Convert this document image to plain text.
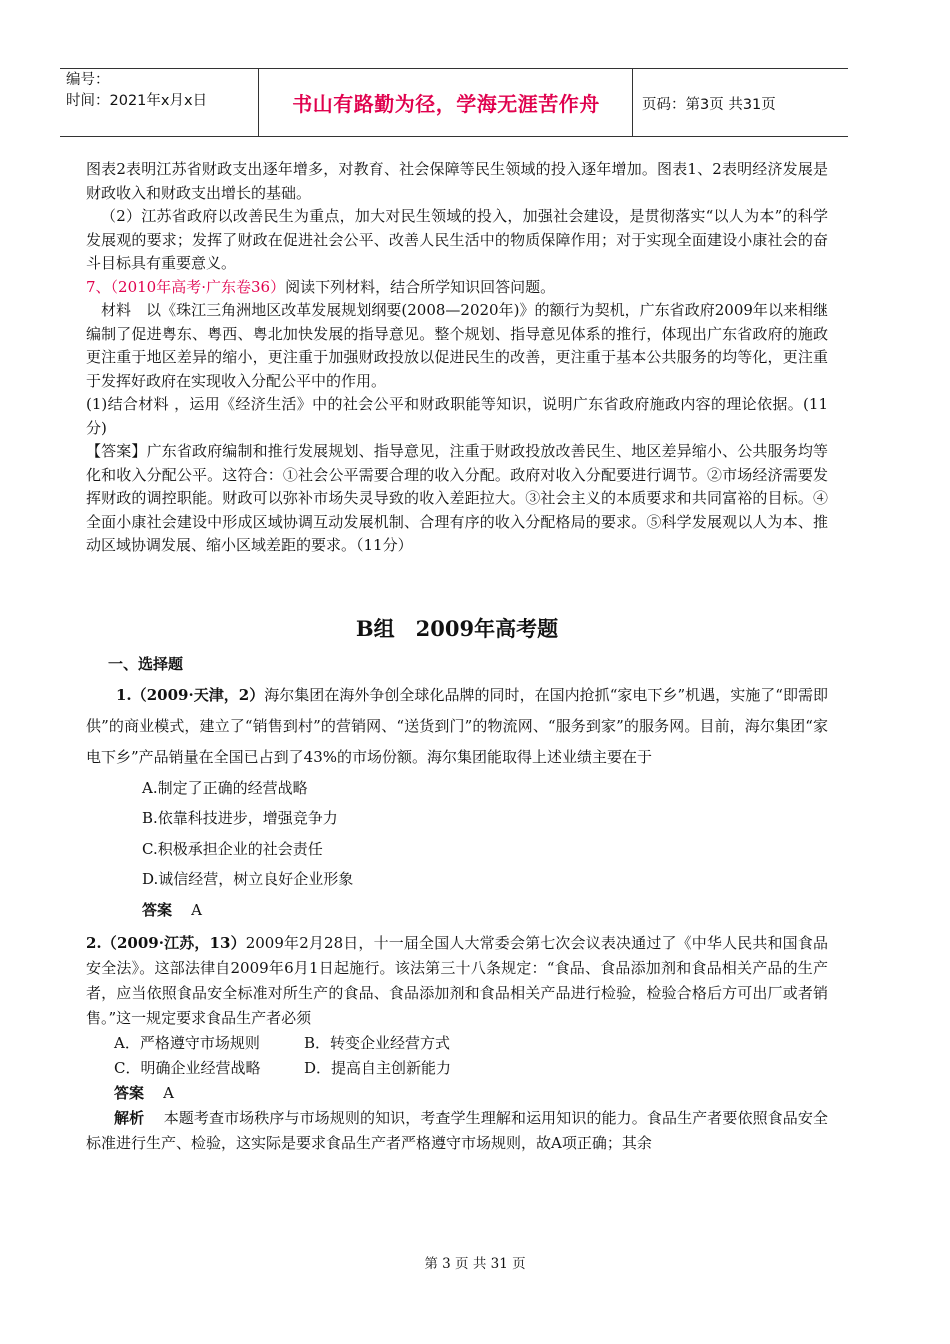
编号：
时间：2021年x月x日	书山有路勤为径，学海无涯苦作舟	页码：第3页 共31页

图表2表明江苏省财政支出逐年增多，对教育、社会保障等民生领域的投入逐年增加。图表1、2表明经济发展是财政收入和财政支出增长的基础。

（2）江苏省政府以改善民生为重点，加大对民生领域的投入，加强社会建设，是贯彻落实“以人为本”的科学发展观的要求；发挥了财政在促进社会公平、改善人民生活中的物质保障作用；对于实现全面建设小康社会的奋斗目标具有重要意义。

7、（2010年高考·广东卷36）阅读下列材料，结合所学知识回答问题。

材料　以《珠江三角洲地区改革发展规划纲要(2008—2020年)》的额行为契机，广东省政府2009年以来相继编制了促进粤东、粤西、粤北加快发展的指导意见。整个规划、指导意见体系的推行，体现出广东省政府的施政更注重于地区差异的缩小，更注重于加强财政投放以促进民生的改善，更注重于基本公共服务的均等化，更注重于发挥好政府在实现收入分配公平中的作用。

(1)结合材料 ，运用《经济生活》中的社会公平和财政职能等知识，说明广东省政府施政内容的理论依据。(11分)

【答案】广东省政府编制和推行发展规划、指导意见，注重于财政投放改善民生、地区差异缩小、公共服务均等化和收入分配公平。这符合：①社会公平需要合理的收入分配。政府对收入分配要进行调节。②市场经济需要发挥财政的调控职能。财政可以弥补市场失灵导致的收入差距拉大。③社会主义的本质要求和共同富裕的目标。④全面小康社会建设中形成区域协调互动发展机制、合理有序的收入分配格局的要求。⑤科学发展观以人为本、推动区域协调发展、缩小区域差距的要求。（11分）

B组　2009年高考题

一、选择题

1.（2009·天津，2）海尔集团在海外争创全球化品牌的同时，在国内抢抓“家电下乡”机遇，实施了“即需即供”的商业模式，建立了“销售到村”的营销网、“送货到门”的物流网、“服务到家”的服务网。目前，海尔集团“家电下乡”产品销量在全国已占到了43%的市场份额。海尔集团能取得上述业绩主要在于

A.制定了正确的经营战略

B.依靠科技进步，增强竞争力

C.积极承担企业的社会责任

D.诚信经营，树立良好企业形象

答案 A

2.（2009·江苏，13）2009年2月28日，十一届全国人大常委会第七次会议表决通过了《中华人民共和国食品安全法》。这部法律自2009年6月1日起施行。该法第三十八条规定：“食品、食品添加剂和食品相关产品的生产者，应当依照食品安全标准对所生产的食品、食品添加剂和食品相关产品进行检验，检验合格后方可出厂或者销售。”这一规定要求食品生产者必须

A．严格遵守市场规则	B．转变企业经营方式

C．明确企业经营战略	D．提高自主创新能力

答案 A

解析 本题考查市场秩序与市场规则的知识，考查学生理解和运用知识的能力。食品生产者要依照食品安全标准进行生产、检验，这实际是要求食品生产者严格遵守市场规则，故A项正确；其余

第 3 页 共 31 页
